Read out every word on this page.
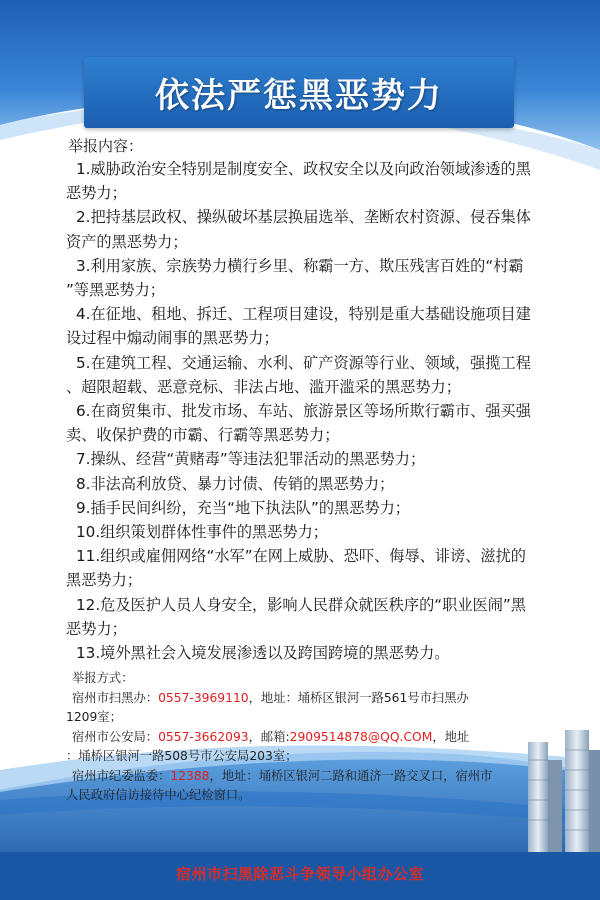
依法严惩黑恶势力
举报内容：
1.威胁政治安全特别是制度安全、政权安全以及向政治领域渗透的黑
恶势力；
2.把持基层政权、操纵破坏基层换届选举、垄断农村资源、侵吞集体
资产的黑恶势力；
3.利用家族、宗族势力横行乡里、称霸一方、欺压残害百姓的“村霸
”等黑恶势力；
4.在征地、租地、拆迁、工程项目建设，特别是重大基础设施项目建
设过程中煽动闹事的黑恶势力；
5.在建筑工程、交通运输、水利、矿产资源等行业、领域，强揽工程
、超限超载、恶意竞标、非法占地、滥开滥采的黑恶势力；
6.在商贸集市、批发市场、车站、旅游景区等场所欺行霸市、强买强
卖、收保护费的市霸、行霸等黑恶势力；
7.操纵、经营“黄赌毒”等违法犯罪活动的黑恶势力；
8.非法高利放贷、暴力讨债、传销的黑恶势力；
9.插手民间纠纷，充当“地下执法队”的黑恶势力；
10.组织策划群体性事件的黑恶势力；
11.组织或雇佣网络“水军”在网上威胁、恐吓、侮辱、诽谤、滋扰的
黑恶势力；
12.危及医护人员人身安全，影响人民群众就医秩序的“职业医闹”黑
恶势力；
13.境外黑社会入境发展渗透以及跨国跨境的黑恶势力。
举报方式：
宿州市扫黑办：0557-3969110，地址：埇桥区银河一路561号市扫黑办
1209室；
宿州市公安局：0557-3662093，邮箱:2909514878@QQ.COM，地址
：埇桥区银河一路508号市公安局203室；
宿州市纪委监委：12388，地址：埇桥区银河二路和通济一路交叉口，宿州市
人民政府信访接待中心纪检窗口。
宿州市扫黑除恶斗争领导小组办公室
